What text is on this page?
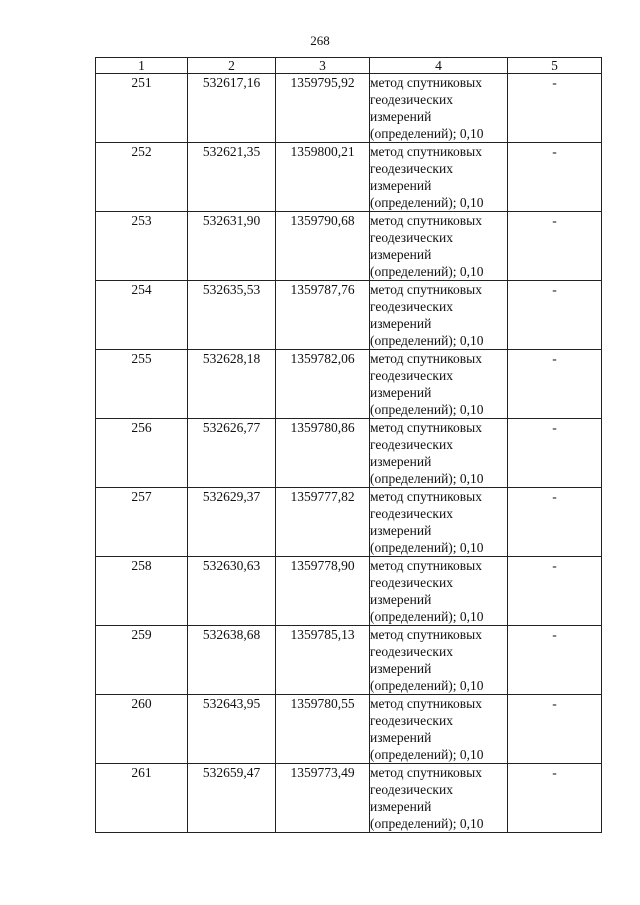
268
1	2	3	4	5
251	532617,16	1359795,92	метод спутниковых
геодезических
измерений
(определений); 0,10	-
252	532621,35	1359800,21	метод спутниковых
геодезических
измерений
(определений); 0,10	-
253	532631,90	1359790,68	метод спутниковых
геодезических
измерений
(определений); 0,10	-
254	532635,53	1359787,76	метод спутниковых
геодезических
измерений
(определений); 0,10	-
255	532628,18	1359782,06	метод спутниковых
геодезических
измерений
(определений); 0,10	-
256	532626,77	1359780,86	метод спутниковых
геодезических
измерений
(определений); 0,10	-
257	532629,37	1359777,82	метод спутниковых
геодезических
измерений
(определений); 0,10	-
258	532630,63	1359778,90	метод спутниковых
геодезических
измерений
(определений); 0,10	-
259	532638,68	1359785,13	метод спутниковых
геодезических
измерений
(определений); 0,10	-
260	532643,95	1359780,55	метод спутниковых
геодезических
измерений
(определений); 0,10	-
261	532659,47	1359773,49	метод спутниковых
геодезических
измерений
(определений); 0,10	-
